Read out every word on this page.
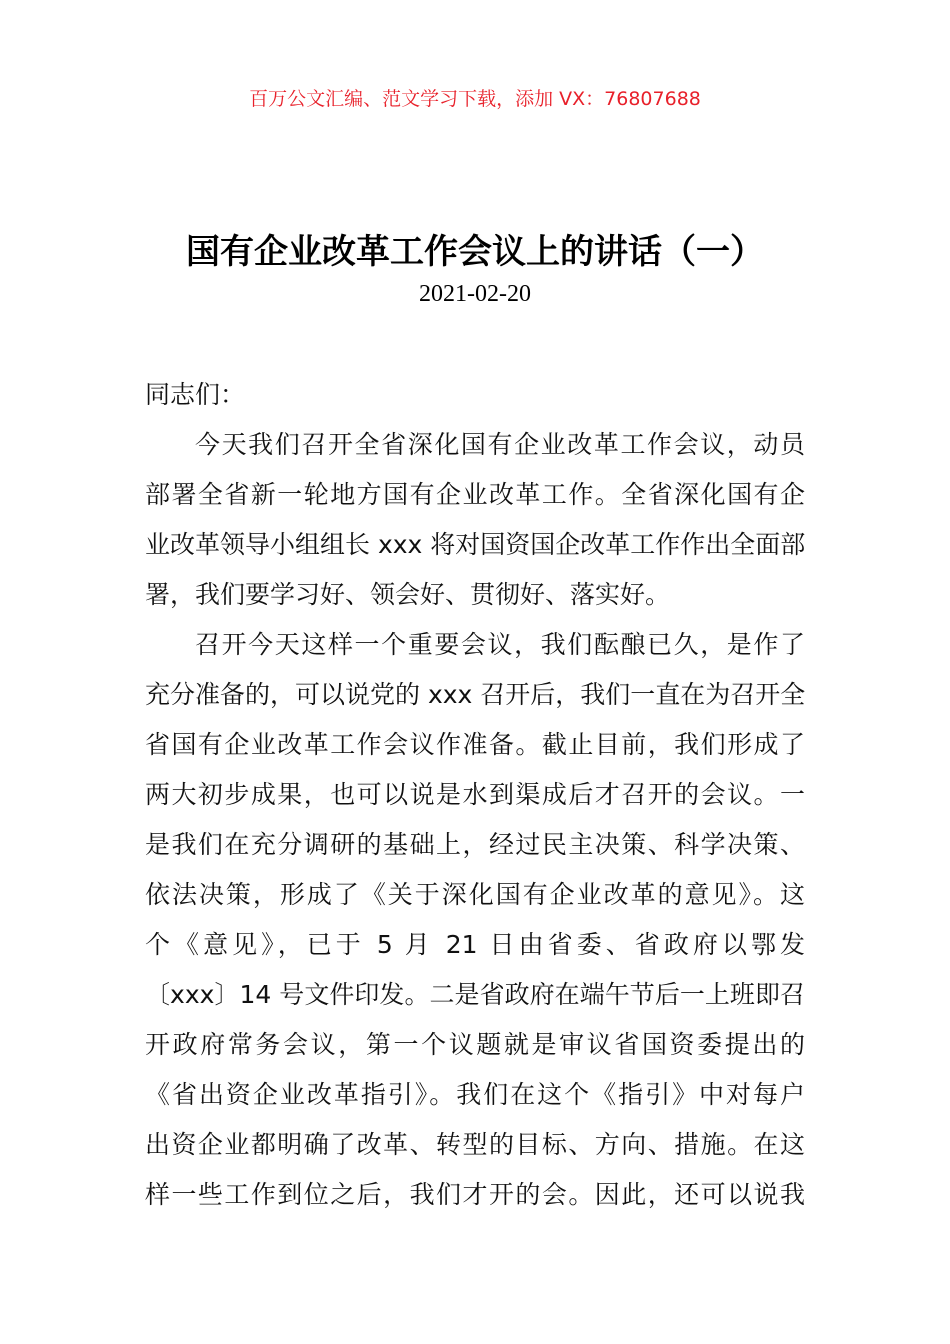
百万公文汇编、范文学习下载，添加 VX：76807688
国有企业改革工作会议上的讲话（一）
2021-02-20
同志们：
今天我们召开全省深化国有企业改革工作会议，动员
部署全省新一轮地方国有企业改革工作。全省深化国有企
业改革领导小组组长 xxx 将对国资国企改革工作作出全面部
署，我们要学习好、领会好、贯彻好、落实好。
召开今天这样一个重要会议，我们酝酿已久，是作了
充分准备的，可以说党的 xxx 召开后，我们一直在为召开全
省国有企业改革工作会议作准备。截止目前，我们形成了
两大初步成果，也可以说是水到渠成后才召开的会议。一
是我们在充分调研的基础上，经过民主决策、科学决策、
依法决策，形成了《关于深化国有企业改革的意见》。这
个《意见》，已于 5 月 21 日由省委、省政府以鄂发
〔xxx〕14 号文件印发。二是省政府在端午节后一上班即召
开政府常务会议，第一个议题就是审议省国资委提出的
《省出资企业改革指引》。我们在这个《指引》中对每户
出资企业都明确了改革、转型的目标、方向、措施。在这
样一些工作到位之后，我们才开的会。因此，还可以说我
